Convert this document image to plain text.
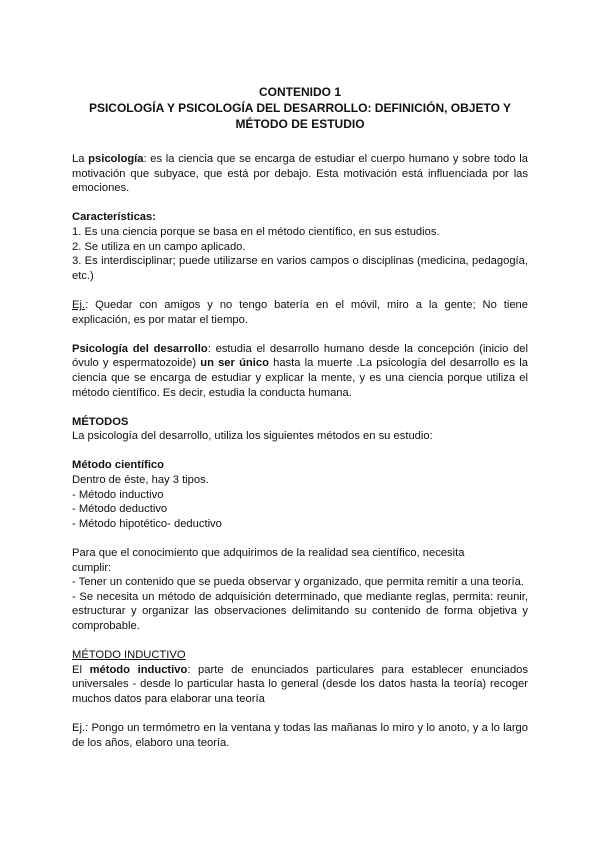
CONTENIDO 1
PSICOLOGÍA Y PSICOLOGÍA DEL DESARROLLO: DEFINICIÓN, OBJETO Y
MÉTODO DE ESTUDIO

La psicología: es la ciencia que se encarga de estudiar el cuerpo humano y sobre todo la motivación que subyace, que está por debajo. Esta motivación está influenciada por las emociones.

Características:
1. Es una ciencia porque se basa en el método científico, en sus estudios.
2. Se utiliza en un campo aplicado.
3. Es interdisciplinar; puede utilizarse en varios campos o disciplinas (medicina, pedagogía, etc.)

Ej.: Quedar con amigos y no tengo batería en el móvil, miro a la gente; No tiene explicación, es por matar el tiempo.

Psicología del desarrollo: estudia el desarrollo humano desde la concepción (inicio del óvulo y espermatozoide) un ser único hasta la muerte .La psicología del desarrollo es la ciencia que se encarga de estudiar y explicar la mente, y es una ciencia porque utiliza el método científico. Es decir, estudia la conducta humana.

MÉTODOS
La psicología del desarrollo, utiliza los siguientes métodos en su estudio:

Método científico
Dentro de éste, hay 3 tipos.
- Método inductivo
- Método deductivo
- Método hipotético- deductivo

Para que el conocimiento que adquirimos de la realidad sea científico, necesita
cumplir:
- Tener un contenido que se pueda observar y organizado, que permita remitir a una teoría.
- Se necesita un método de adquisición determinado, que mediante reglas, permita: reunir, estructurar y organizar las observaciones delimitando su contenido de forma objetiva y comprobable.

MÉTODO INDUCTIVO
El método inductivo: parte de enunciados particulares para establecer enunciados universales - desde lo particular hasta lo general (desde los datos hasta la teoría) recoger muchos datos para elaborar una teoría

Ej.: Pongo un termómetro en la ventana y todas las mañanas lo miro y lo anoto, y a lo largo de los años, elaboro una teoría.
